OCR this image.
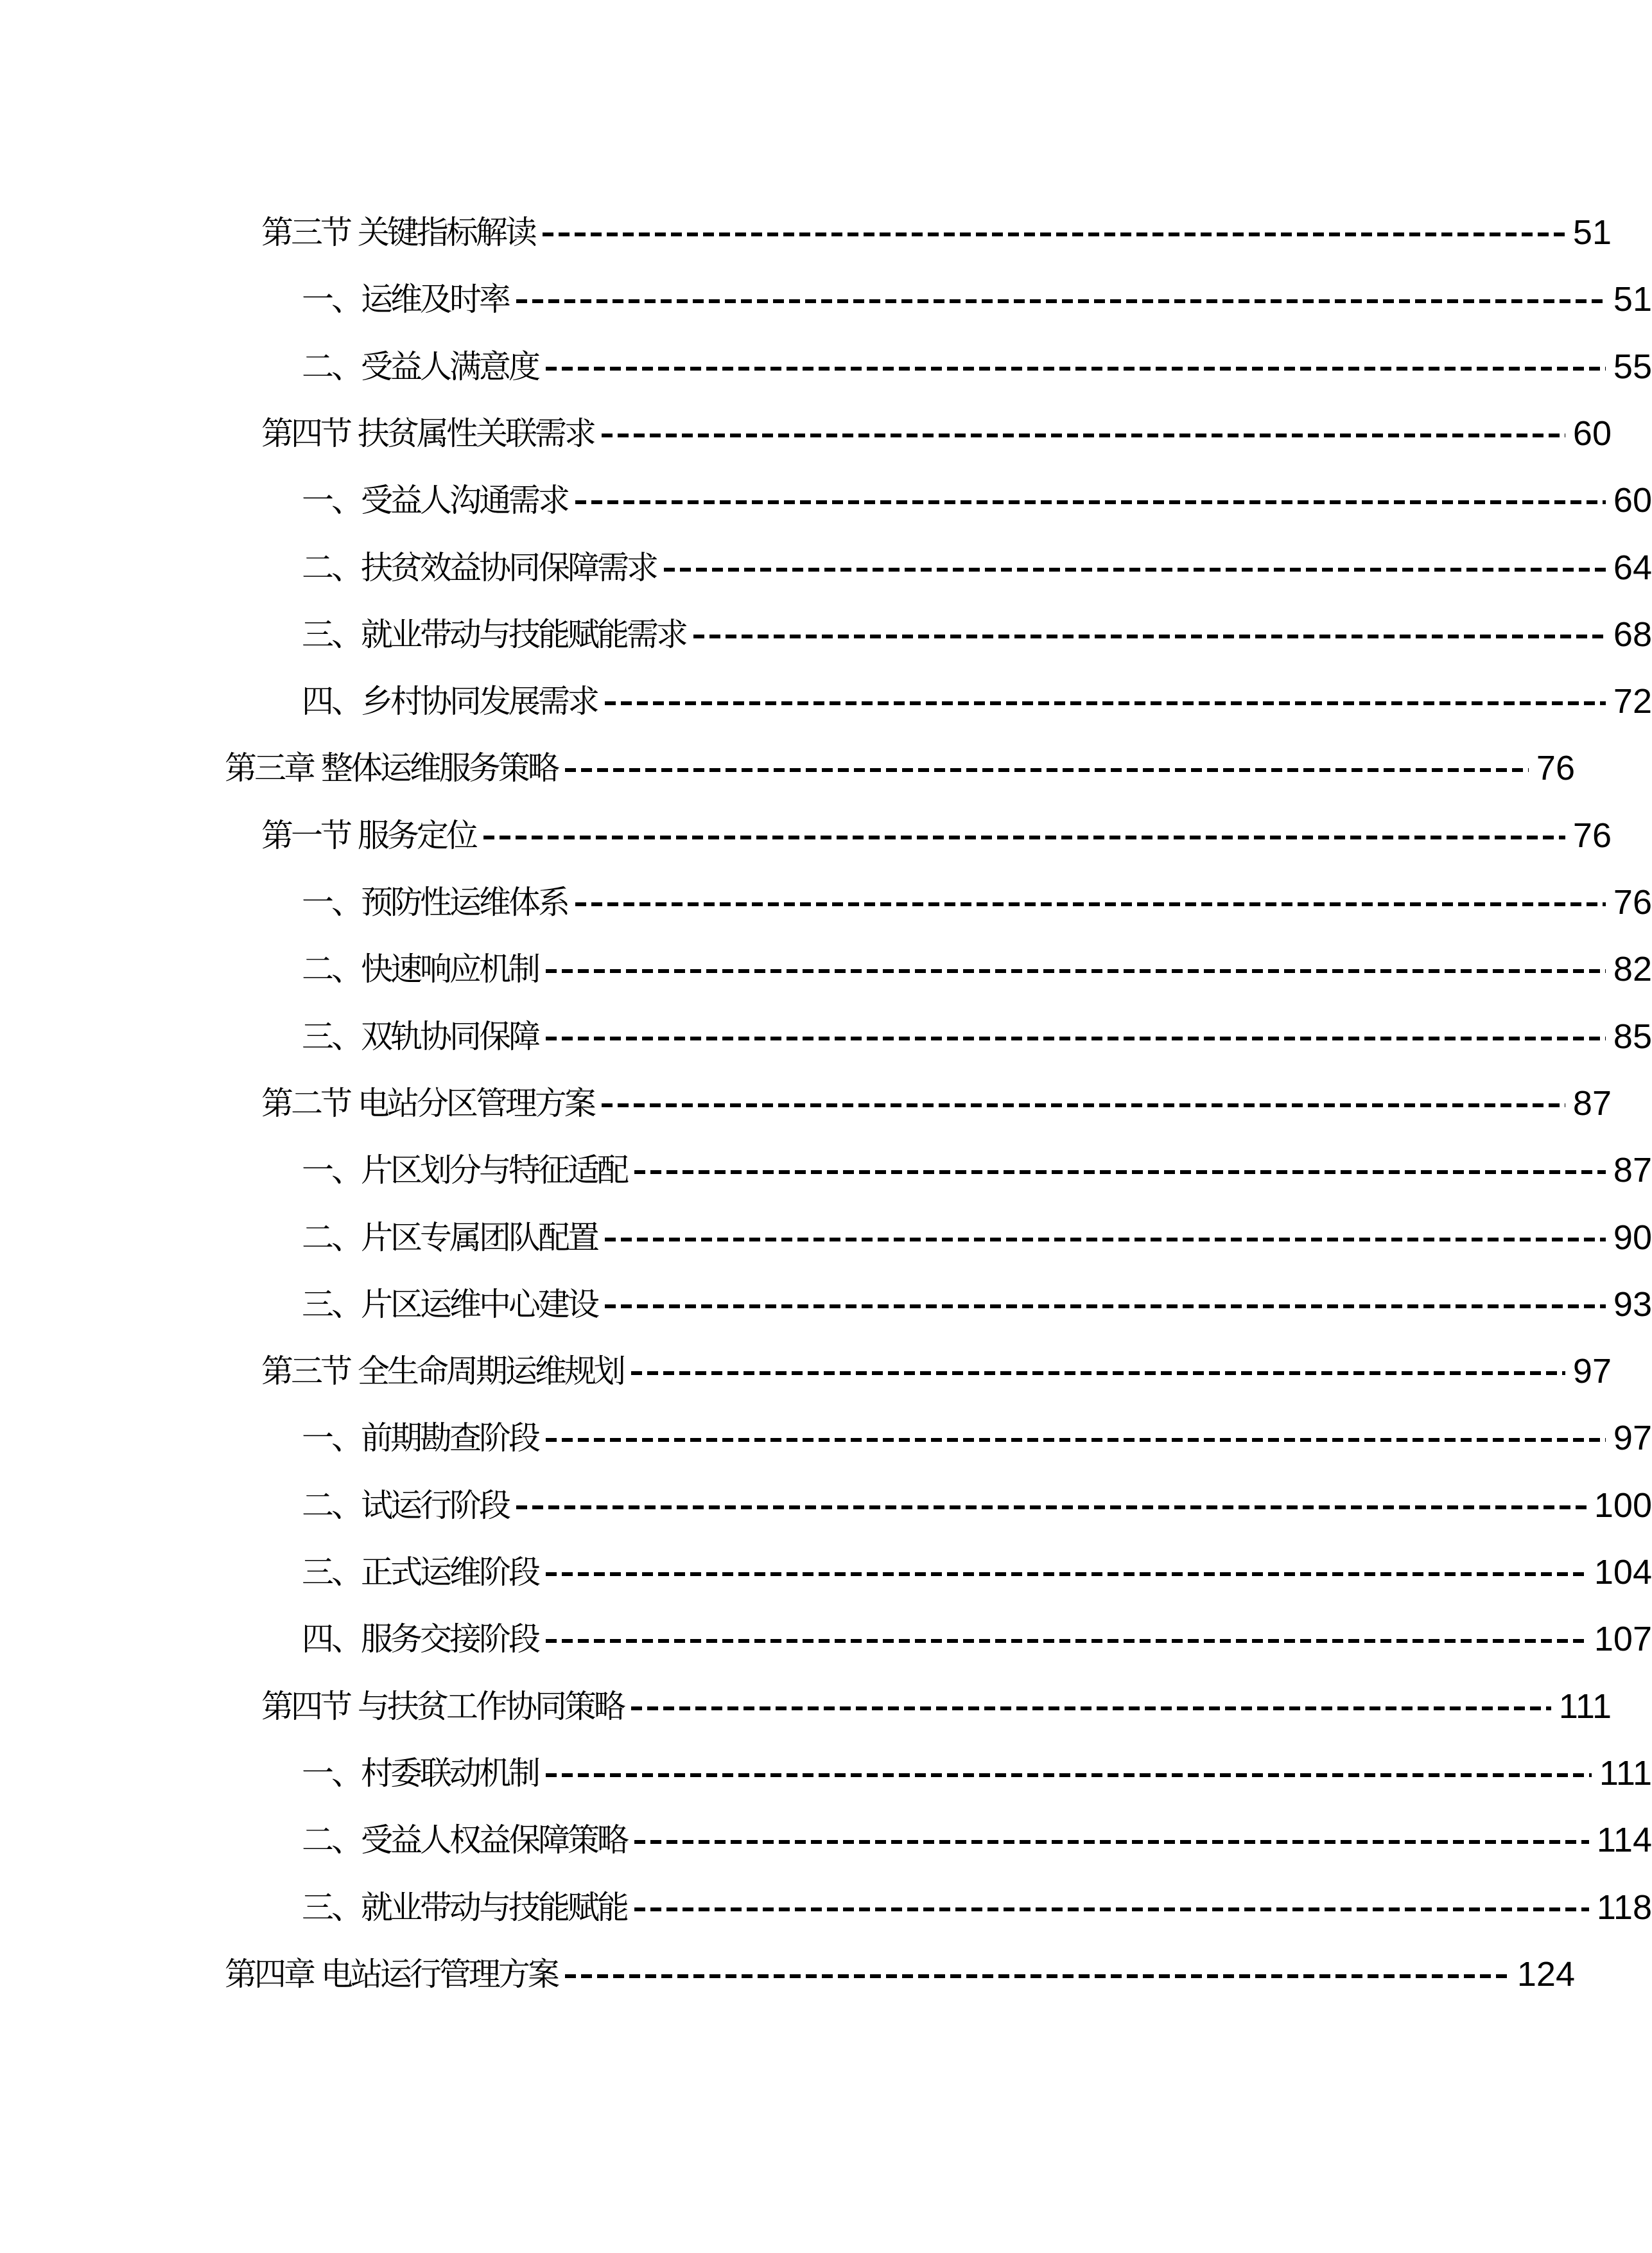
第三节 关键指标解读	51
一、运维及时率	51
二、受益人满意度	55
第四节 扶贫属性关联需求	60
一、受益人沟通需求	60
二、扶贫效益协同保障需求	64
三、就业带动与技能赋能需求	68
四、乡村协同发展需求	72
第三章 整体运维服务策略	76
第一节 服务定位	76
一、预防性运维体系	76
二、快速响应机制	82
三、双轨协同保障	85
第二节 电站分区管理方案	87
一、片区划分与特征适配	87
二、片区专属团队配置	90
三、片区运维中心建设	93
第三节 全生命周期运维规划	97
一、前期勘查阶段	97
二、试运行阶段	100
三、正式运维阶段	104
四、服务交接阶段	107
第四节 与扶贫工作协同策略	111
一、村委联动机制	111
二、受益人权益保障策略	114
三、就业带动与技能赋能	118
第四章 电站运行管理方案	124
